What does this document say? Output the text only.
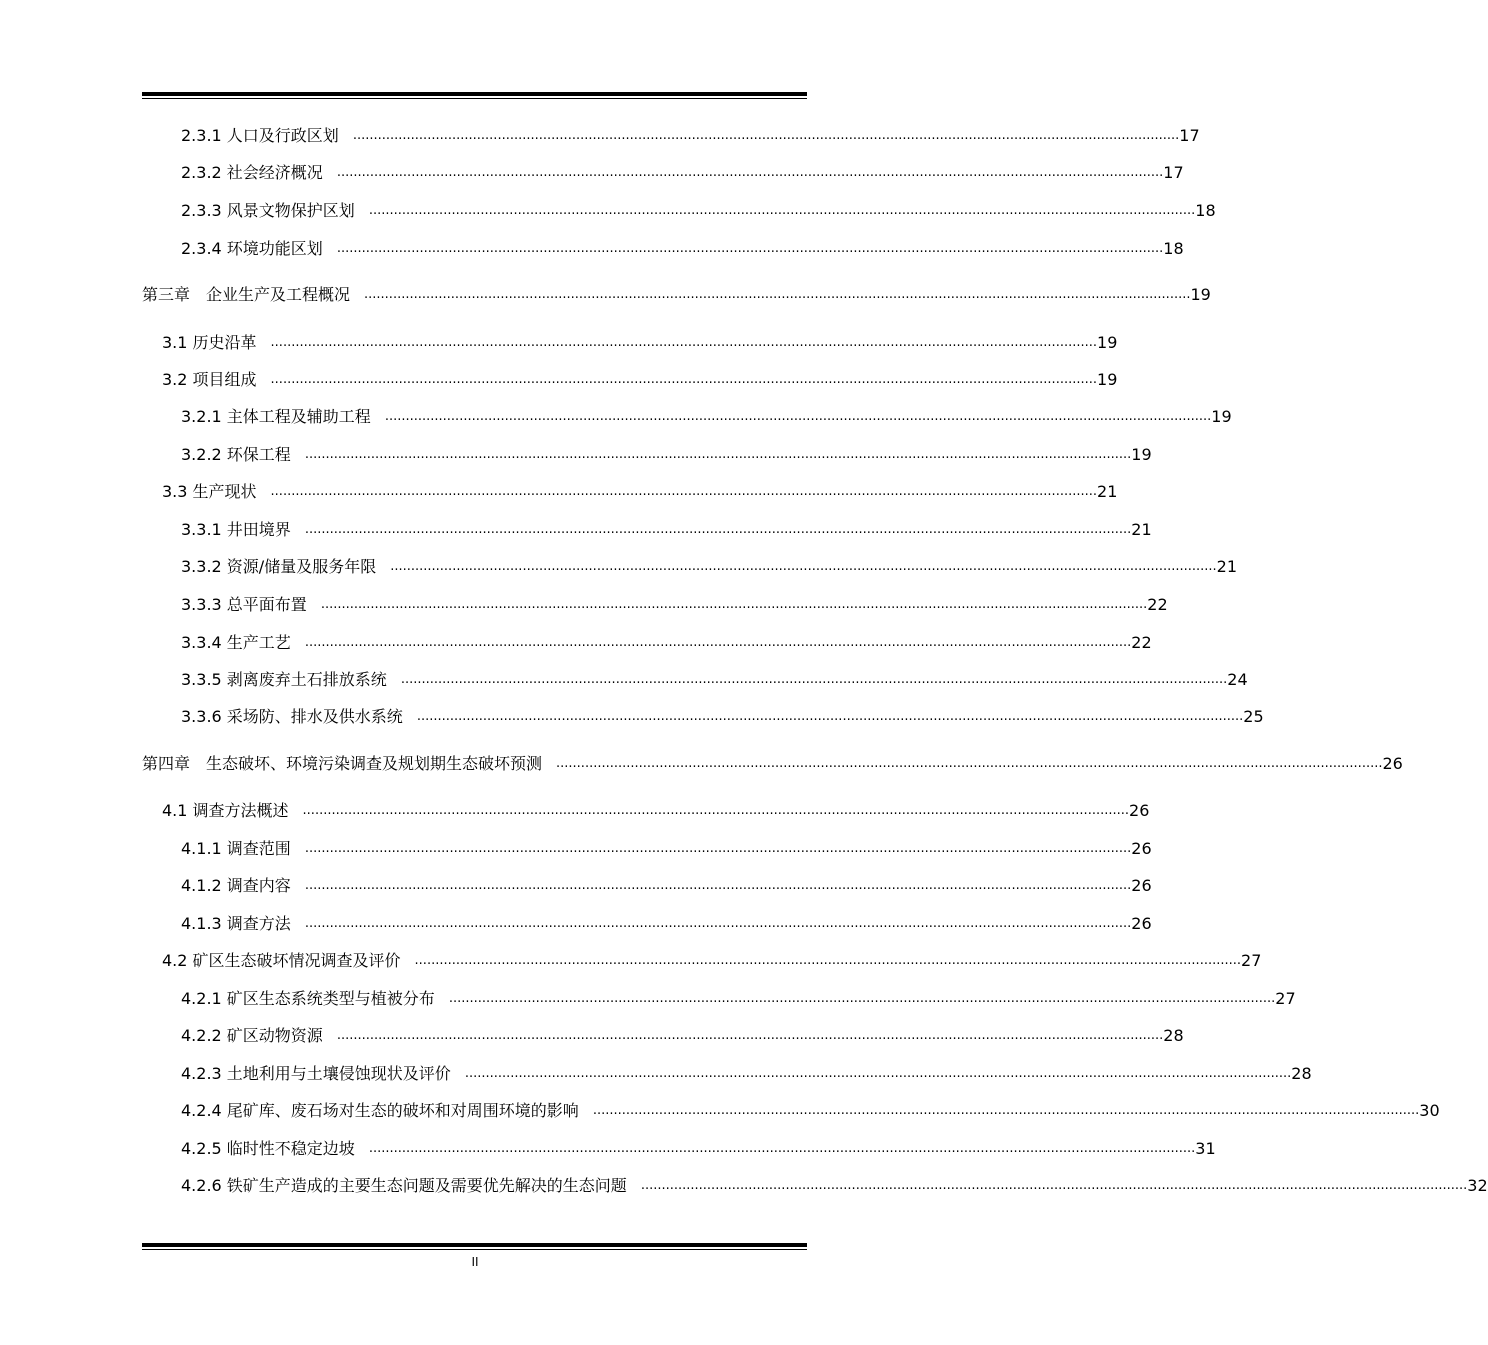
2.3.1 人口及行政区划 ........................................................................................................................................................................................................ 17
2.3.2 社会经济概况 ........................................................................................................................................................................................................ 17
2.3.3 风景文物保护区划 ........................................................................................................................................................................................................ 18
2.3.4 环境功能区划 ........................................................................................................................................................................................................ 18
第三章　企业生产及工程概况 ........................................................................................................................................................................................................ 19
3.1 历史沿革 ........................................................................................................................................................................................................ 19
3.2 项目组成 ........................................................................................................................................................................................................ 19
3.2.1 主体工程及辅助工程 ........................................................................................................................................................................................................ 19
3.2.2 环保工程 ........................................................................................................................................................................................................ 19
3.3 生产现状 ........................................................................................................................................................................................................ 21
3.3.1 井田境界 ........................................................................................................................................................................................................ 21
3.3.2 资源/储量及服务年限 ........................................................................................................................................................................................................ 21
3.3.3 总平面布置 ........................................................................................................................................................................................................ 22
3.3.4 生产工艺 ........................................................................................................................................................................................................ 22
3.3.5 剥离废弃土石排放系统 ........................................................................................................................................................................................................ 24
3.3.6 采场防、排水及供水系统 ........................................................................................................................................................................................................ 25
第四章　生态破坏、环境污染调查及规划期生态破坏预测 ........................................................................................................................................................................................................ 26
4.1 调查方法概述 ........................................................................................................................................................................................................ 26
4.1.1 调查范围 ........................................................................................................................................................................................................ 26
4.1.2 调查内容 ........................................................................................................................................................................................................ 26
4.1.3 调查方法 ........................................................................................................................................................................................................ 26
4.2 矿区生态破坏情况调查及评价 ........................................................................................................................................................................................................ 27
4.2.1 矿区生态系统类型与植被分布 ........................................................................................................................................................................................................ 27
4.2.2 矿区动物资源 ........................................................................................................................................................................................................ 28
4.2.3 土地利用与土壤侵蚀现状及评价 ........................................................................................................................................................................................................ 28
4.2.4 尾矿库、废石场对生态的破坏和对周围环境的影响 ........................................................................................................................................................................................................ 30
4.2.5 临时性不稳定边坡 ........................................................................................................................................................................................................ 31
4.2.6 铁矿生产造成的主要生态问题及需要优先解决的生态问题 ........................................................................................................................................................................................................ 32
II
